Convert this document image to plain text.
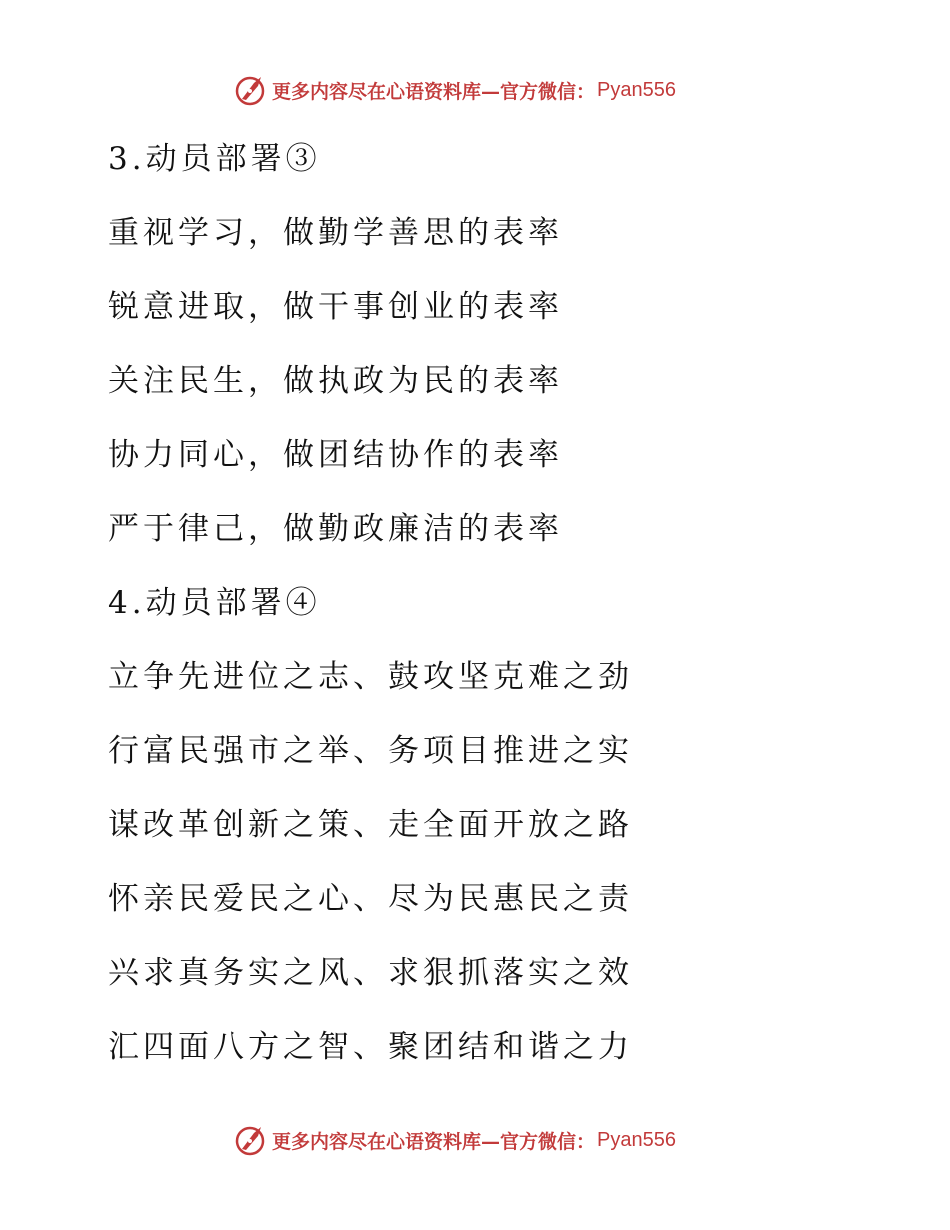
更多内容尽在心语资料库—官方微信： Pyan556
3.动员部署③
重视学习，做勤学善思的表率
锐意进取，做干事创业的表率
关注民生，做执政为民的表率
协力同心，做团结协作的表率
严于律己，做勤政廉洁的表率
4.动员部署④
立争先进位之志、鼓攻坚克难之劲
行富民强市之举、务项目推进之实
谋改革创新之策、走全面开放之路
怀亲民爱民之心、尽为民惠民之责
兴求真务实之风、求狠抓落实之效
汇四面八方之智、聚团结和谐之力
更多内容尽在心语资料库—官方微信： Pyan556
